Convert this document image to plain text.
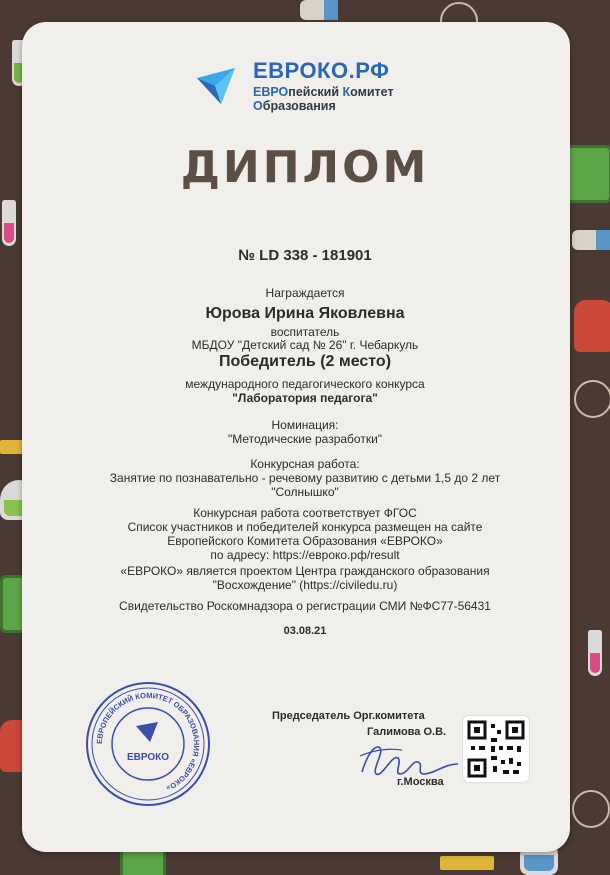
ЕВРОКО.РФ
ЕВРОпейский Комитет
Образования
ДИПЛОМ
№ LD 338 - 181901
Награждается
Юрова Ирина Яковлевна
воспитатель
МБДОУ "Детский сад № 26" г. Чебаркуль
Победитель (2 место)
международного педагогического конкурса
"Лаборатория педагога"
Номинация:
"Методические разработки"
Конкурсная работа:
Занятие по познавательно - речевому развитию с детьми 1,5 до 2 лет
"Солнышко"
Конкурсная работа соответствует ФГОС
Список участников и победителей конкурса размещен на сайте
Европейского Комитета Образования «ЕВРОКО»
по адресу: https://евроко.рф/result
«ЕВРОКО» является проектом Центра гражданского образования
"Восхождение" (https://civiledu.ru)
Свидетельство Роскомнадзора о регистрации СМИ №ФС77-56431
03.08.21
ЕВРОПЕЙСКИЙ КОМИТЕТ ОБРАЗОВАНИЯ «ЕВРОКО»
ЕВРОКО
Председатель Орг.комитета
Галимова О.В.
г.Москва
